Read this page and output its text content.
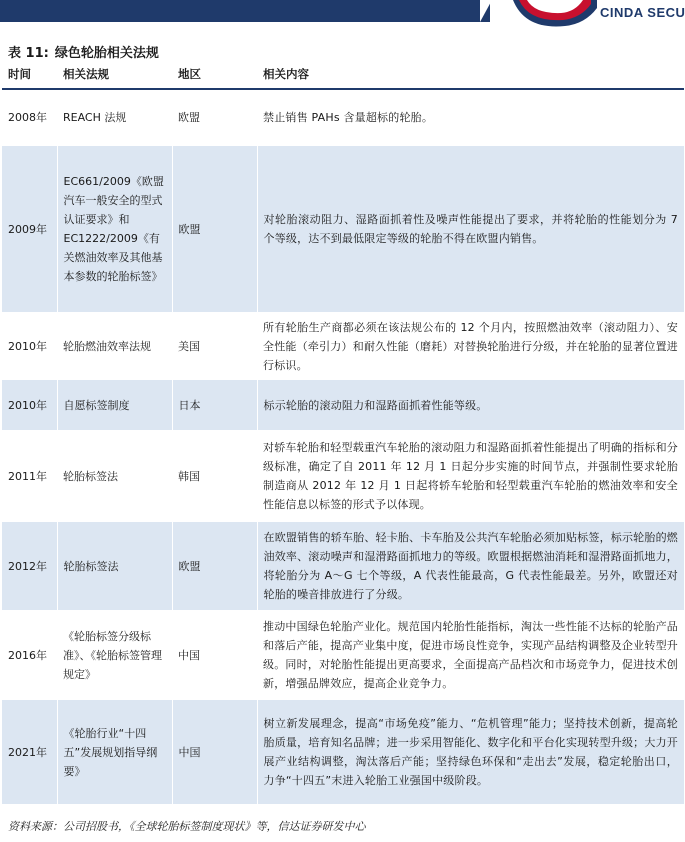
CINDA SECU
表 11: 绿色轮胎相关法规
时间	相关法规	地区	相关内容
2008年	REACH 法规	欧盟	禁止销售 PAHs 含量超标的轮胎。
2009年	EC661/2009《欧盟汽车一般安全的型式认证要求》和 EC1222/2009《有关燃油效率及其他基本参数的轮胎标签》	欧盟	对轮胎滚动阻力、湿路面抓着性及噪声性能提出了要求，并将轮胎的性能划分为 7 个等级，达不到最低限定等级的轮胎不得在欧盟内销售。
2010年	轮胎燃油效率法规	美国	所有轮胎生产商都必须在该法规公布的 12 个月内，按照燃油效率（滚动阻力）、安全性能（牵引力）和耐久性能（磨耗）对替换轮胎进行分级，并在轮胎的显著位置进行标识。
2010年	自愿标签制度	日本	标示轮胎的滚动阻力和湿路面抓着性能等级。
2011年	轮胎标签法	韩国	对轿车轮胎和轻型载重汽车轮胎的滚动阻力和湿路面抓着性能提出了明确的指标和分级标准，确定了自 2011 年 12 月 1 日起分步实施的时间节点，并强制性要求轮胎制造商从 2012 年 12 月 1 日起将轿车轮胎和轻型载重汽车轮胎的燃油效率和安全性能信息以标签的形式予以体现。
2012年	轮胎标签法	欧盟	在欧盟销售的轿车胎、轻卡胎、卡车胎及公共汽车轮胎必须加贴标签，标示轮胎的燃油效率、滚动噪声和湿滑路面抓地力的等级。欧盟根据燃油消耗和湿滑路面抓地力，将轮胎分为 A～G 七个等级，A 代表性能最高，G 代表性能最差。另外，欧盟还对轮胎的噪音排放进行了分级。
2016年	《轮胎标签分级标准》、《轮胎标签管理规定》	中国	推动中国绿色轮胎产业化。规范国内轮胎性能指标，淘汰一些性能不达标的轮胎产品和落后产能，提高产业集中度，促进市场良性竞争，实现产品结构调整及企业转型升级。同时，对轮胎性能提出更高要求，全面提高产品档次和市场竞争力，促进技术创新，增强品牌效应，提高企业竞争力。
2021年	《轮胎行业“十四五”发展规划指导纲要》	中国	树立新发展理念，提高“市场免疫”能力、“危机管理”能力；坚持技术创新，提高轮胎质量，培育知名品牌；进一步采用智能化、数字化和平台化实现转型升级；大力开展产业结构调整，淘汰落后产能；坚持绿色环保和“走出去”发展，稳定轮胎出口，力争“十四五”末进入轮胎工业强国中级阶段。
资料来源：公司招股书，《全球轮胎标签制度现状》等，信达证券研发中心
